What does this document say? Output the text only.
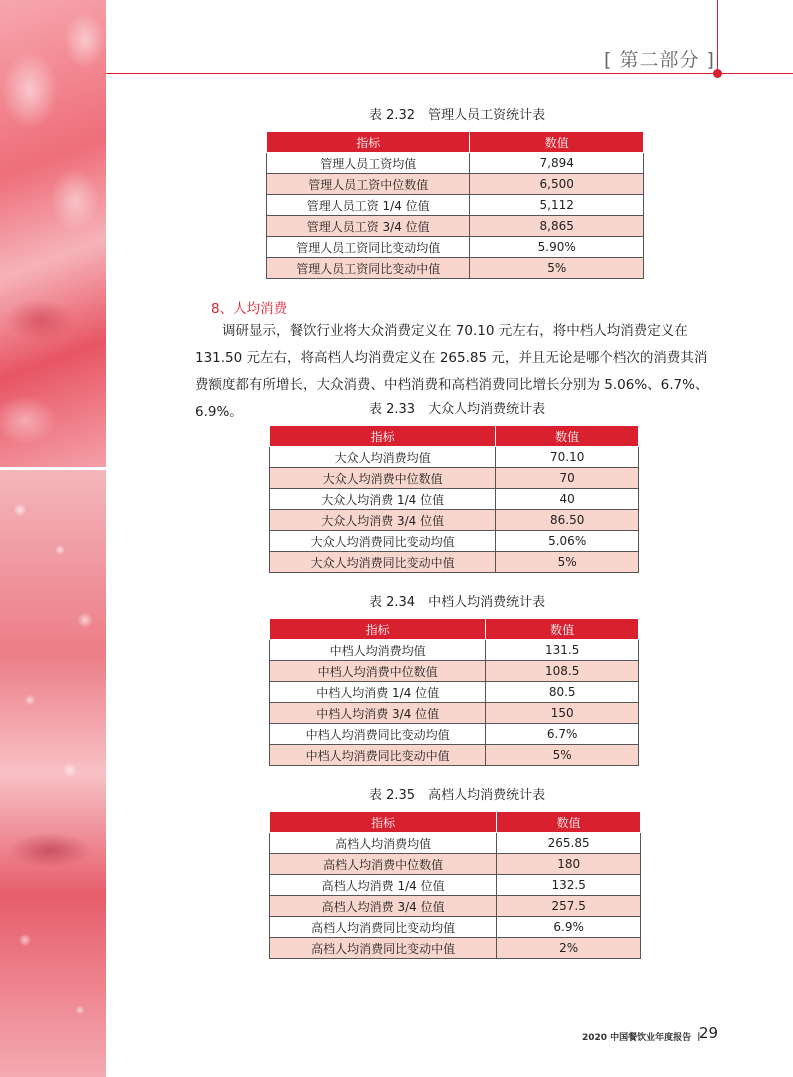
[ 第二部分 ]
表 2.32　管理人员工资统计表
指标	数值
管理人员工资均值	7,894
管理人员工资中位数值	6,500
管理人员工资 1/4 位值	5,112
管理人员工资 3/4 位值	8,865
管理人员工资同比变动均值	5.90%
管理人员工资同比变动中值	5%
8、人均消费
调研显示，餐饮行业将大众消费定义在 70.10 元左右，将中档人均消费定义在 131.50 元左右，将高档人均消费定义在 265.85 元，并且无论是哪个档次的消费其消费额度都有所增长，大众消费、中档消费和高档消费同比增长分别为 5.06%、6.7%、6.9%。	表 2.33　大众人均消费统计表
指标	数值
大众人均消费均值	70.10
大众人均消费中位数值	70
大众人均消费 1/4 位值	40
大众人均消费 3/4 位值	86.50
大众人均消费同比变动均值	5.06%
大众人均消费同比变动中值	5%
表 2.34　中档人均消费统计表
指标	数值
中档人均消费均值	131.5
中档人均消费中位数值	108.5
中档人均消费 1/4 位值	80.5
中档人均消费 3/4 位值	150
中档人均消费同比变动均值	6.7%
中档人均消费同比变动中值	5%
表 2.35　高档人均消费统计表
指标	数值
高档人均消费均值	265.85
高档人均消费中位数值	180
高档人均消费 1/4 位值	132.5
高档人均消费 3/4 位值	257.5
高档人均消费同比变动均值	6.9%
高档人均消费同比变动中值	2%
2020 中国餐饮业年度报告 丨
29
